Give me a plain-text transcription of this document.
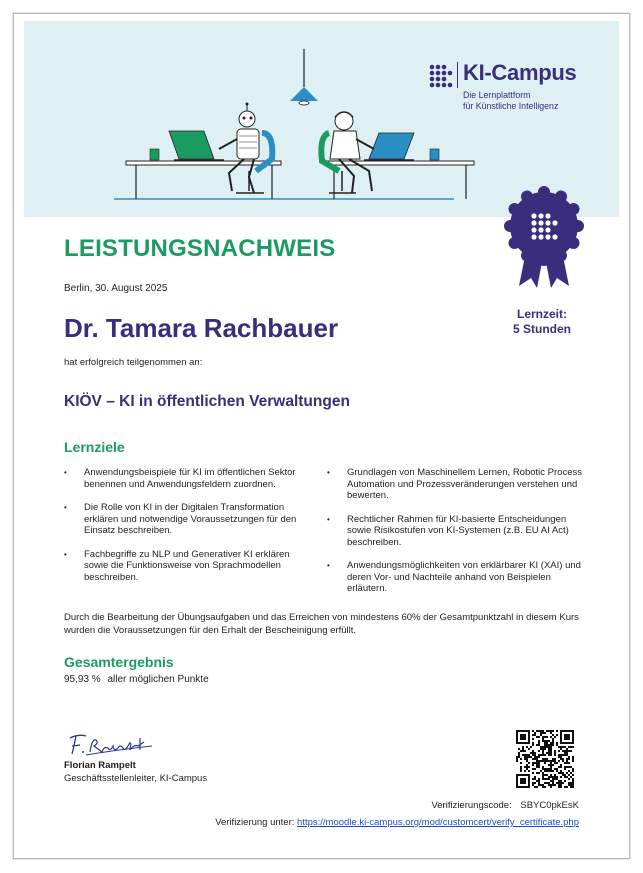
KI-Campus
Die Lernplattform
für Künstliche Intelligenz
LEISTUNGSNACHWEIS
Berlin, 30. August 2025
Dr. Tamara Rachbauer	Lernzeit:
5 Stunden
hat erfolgreich teilgenommen an:
KIÖV – KI in öffentlichen Verwaltungen
Lernziele
• Anwendungsbeispiele für KI im öffentlichen Sektor benennen und Anwendungsfeldern zuordnen.
• Die Rolle von KI in der Digitalen Transformation erklären und notwendige Voraussetzungen für den Einsatz beschreiben.
• Fachbegriffe zu NLP und Generativer KI erklären sowie die Funktionsweise von Sprachmodellen beschreiben.
• Grundlagen von Maschinellem Lernen, Robotic Process Automation und Prozessveränderungen verstehen und bewerten.
• Rechtlicher Rahmen für KI-basierte Entscheidungen sowie Risikostufen von KI-Systemen (z.B. EU AI Act) beschreiben.
• Anwendungsmöglichkeiten von erklärbarer KI (XAI) und deren Vor- und Nachteile anhand von Beispielen erläutern.
Durch die Bearbeitung der Übungsaufgaben und das Erreichen von mindestens 60% der Gesamtpunktzahl in diesem Kurs wurden die Voraussetzungen für den Erhalt der Bescheinigung erfüllt.
Gesamtergebnis
95,93 % aller möglichen Punkte
Florian Rampelt
Geschäftsstellenleiter, KI-Campus
Verifizierungscode: SBYC0pkEsK
Verifizierung unter: https://moodle.ki-campus.org/mod/customcert/verify_certificate.php
